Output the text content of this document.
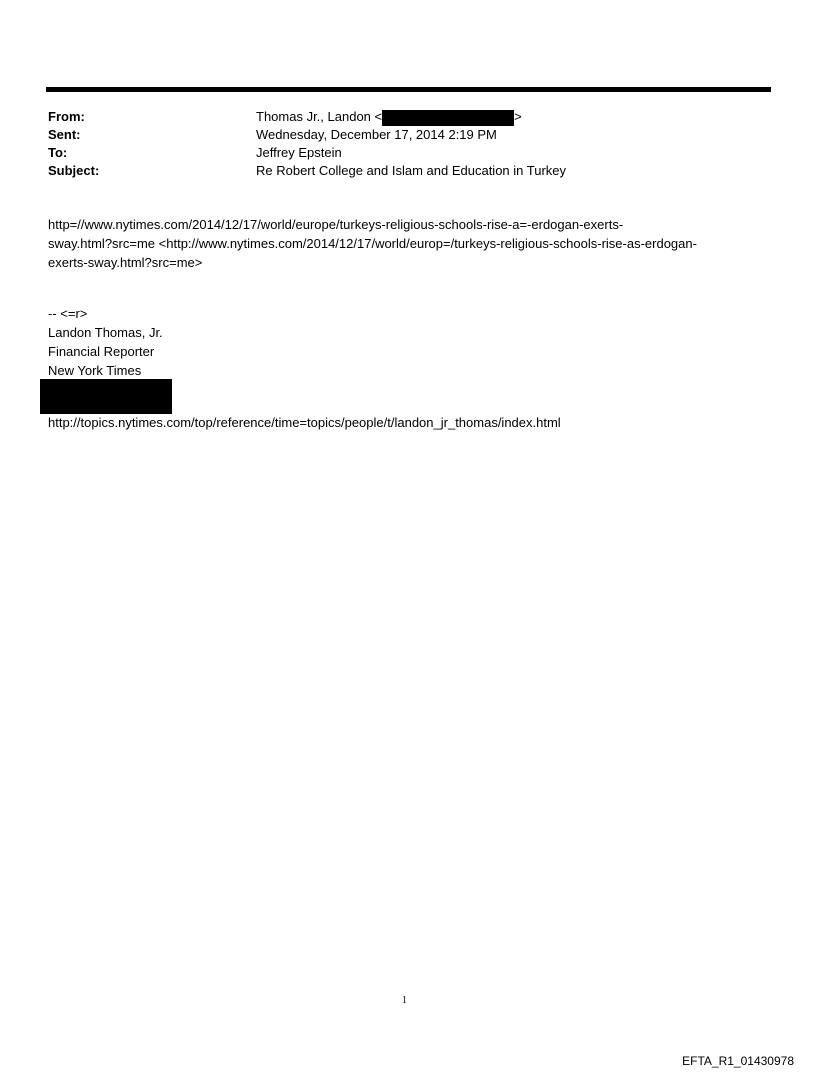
From:	Thomas Jr., Landon <	>
Sent:	Wednesday, December 17, 2014 2:19 PM
To:	Jeffrey Epstein
Subject:	Re Robert College and Islam and Education in Turkey
http=//www.nytimes.com/2014/12/17/world/europe/turkeys-religious-schools-rise-a=-erdogan-exerts-
sway.html?src=me <http://www.nytimes.com/2014/12/17/world/europ=/turkeys-religious-schools-rise-as-erdogan-
exerts-sway.html?src=me>
-- <=r>
Landon Thomas, Jr.
Financial Reporter
New York Times
http://topics.nytimes.com/top/reference/time=topics/people/t/landon_jr_thomas/index.html
1
EFTA_R1_01430978
